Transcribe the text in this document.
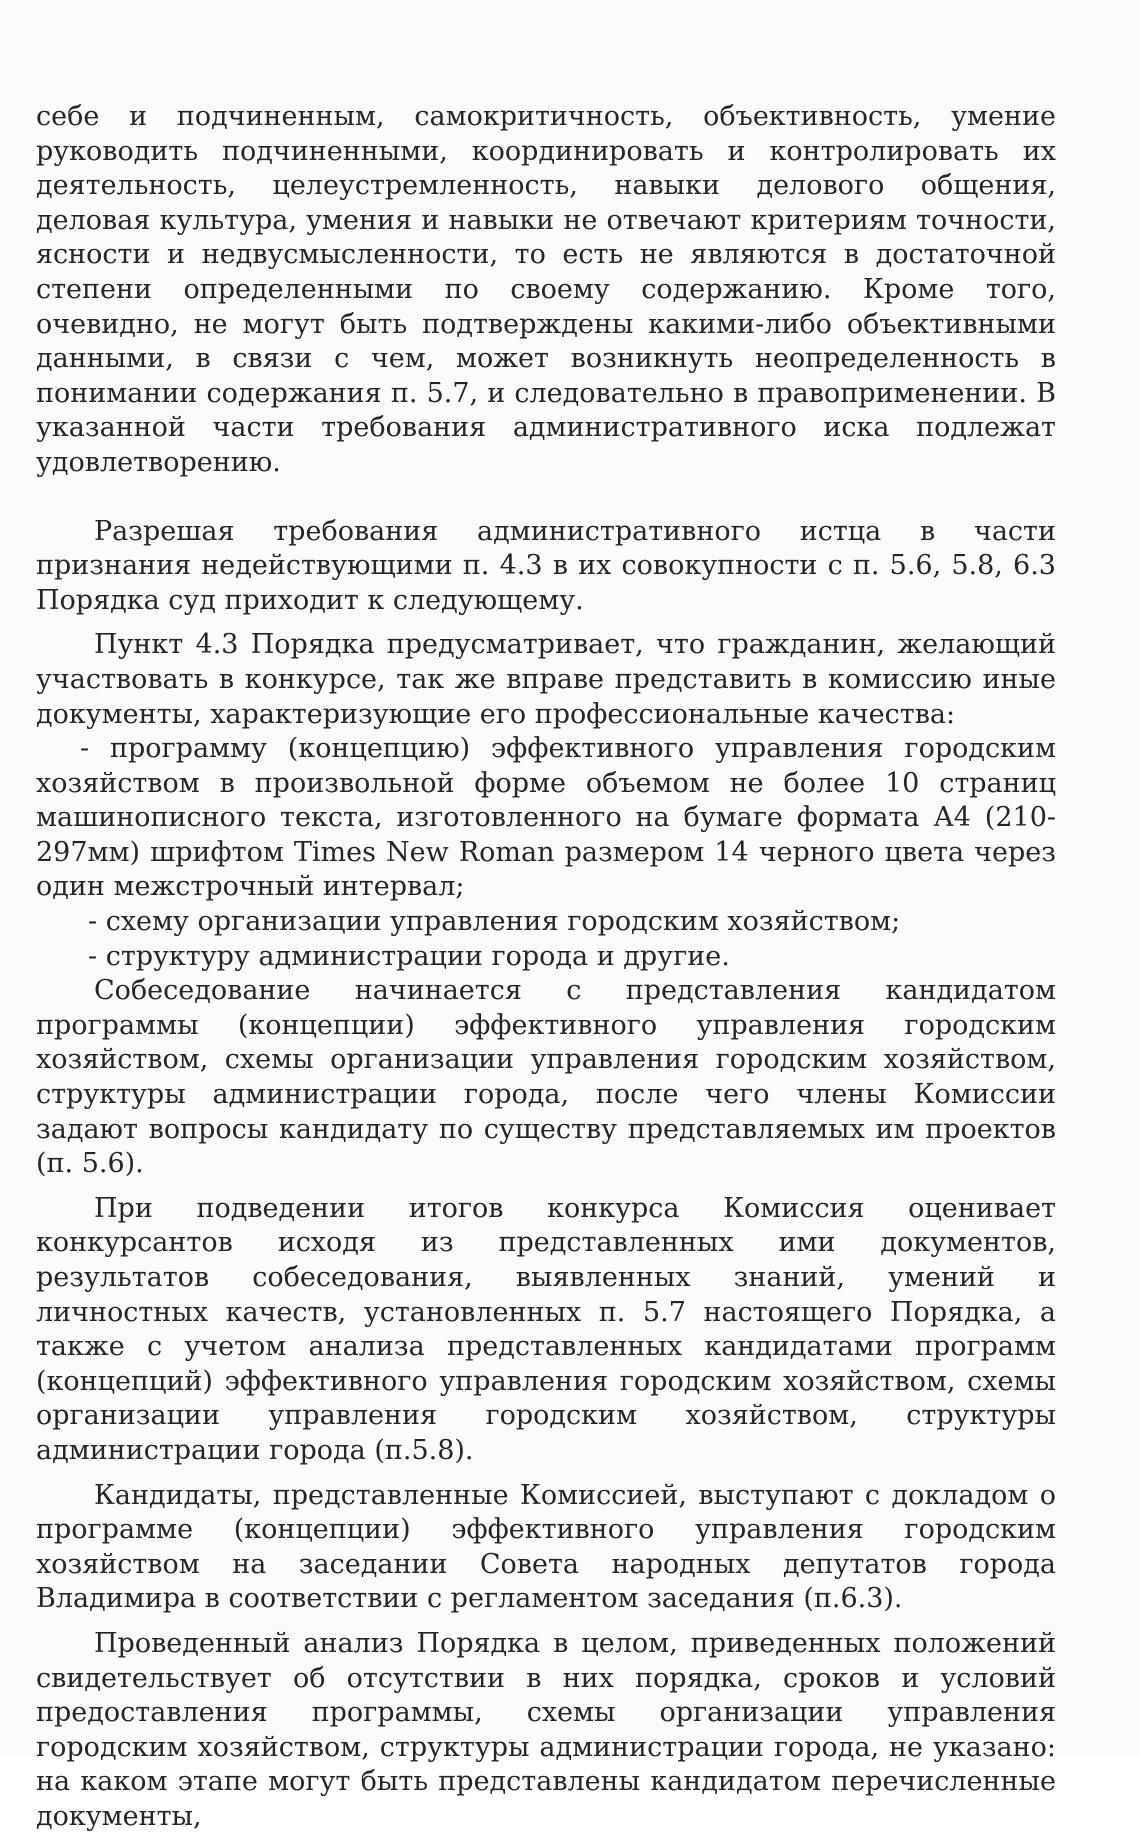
себе и подчиненным, самокритичность, объективность, умение руководить подчиненными, координировать и контролировать их деятельность, целеустремленность, навыки делового общения, деловая культура, умения и навыки не отвечают критериям точности, ясности и недвусмысленности, то есть не являются в достаточной степени определенными по своему содержанию. Кроме того, очевидно, не могут быть подтверждены какими-либо объективными данными, в связи с чем, может возникнуть неопределенность в понимании содержания п. 5.7, и следовательно в правоприменении. В указанной части требования административного иска подлежат удовлетворению.

Разрешая требования административного истца в части признания недействующими п. 4.3 в их совокупности с п. 5.6, 5.8, 6.3 Порядка суд приходит к следующему.

Пункт 4.3 Порядка предусматривает, что гражданин, желающий участвовать в конкурсе, так же вправе представить в комиссию иные документы, характеризующие его профессиональные качества:

- программу (концепцию) эффективного управления городским хозяйством в произвольной форме объемом не более 10 страниц машинописного текста, изготовленного на бумаге формата А4 (210-297мм) шрифтом Times New Roman размером 14 черного цвета через один межстрочный интервал;

- схему организации управления городским хозяйством;

- структуру администрации города и другие.

Собеседование начинается с представления кандидатом программы (концепции) эффективного управления городским хозяйством, схемы организации управления городским хозяйством, структуры администрации города, после чего члены Комиссии задают вопросы кандидату по существу представляемых им проектов (п. 5.6).

При подведении итогов конкурса Комиссия оценивает конкурсантов исходя из представленных ими документов, результатов собеседования, выявленных знаний, умений и личностных качеств, установленных п. 5.7 настоящего Порядка, а также с учетом анализа представленных кандидатами программ (концепций) эффективного управления городским хозяйством, схемы организации управления городским хозяйством, структуры администрации города (п.5.8).

Кандидаты, представленные Комиссией, выступают с докладом о программе (концепции) эффективного управления городским хозяйством на заседании Совета народных депутатов города Владимира в соответствии с регламентом заседания (п.6.3).

Проведенный анализ Порядка в целом, приведенных положений свидетельствует об отсутствии в них порядка, сроков и условий предоставления программы, схемы организации управления городским хозяйством, структуры администрации города, не указано: на каком этапе могут быть представлены кандидатом перечисленные документы,
